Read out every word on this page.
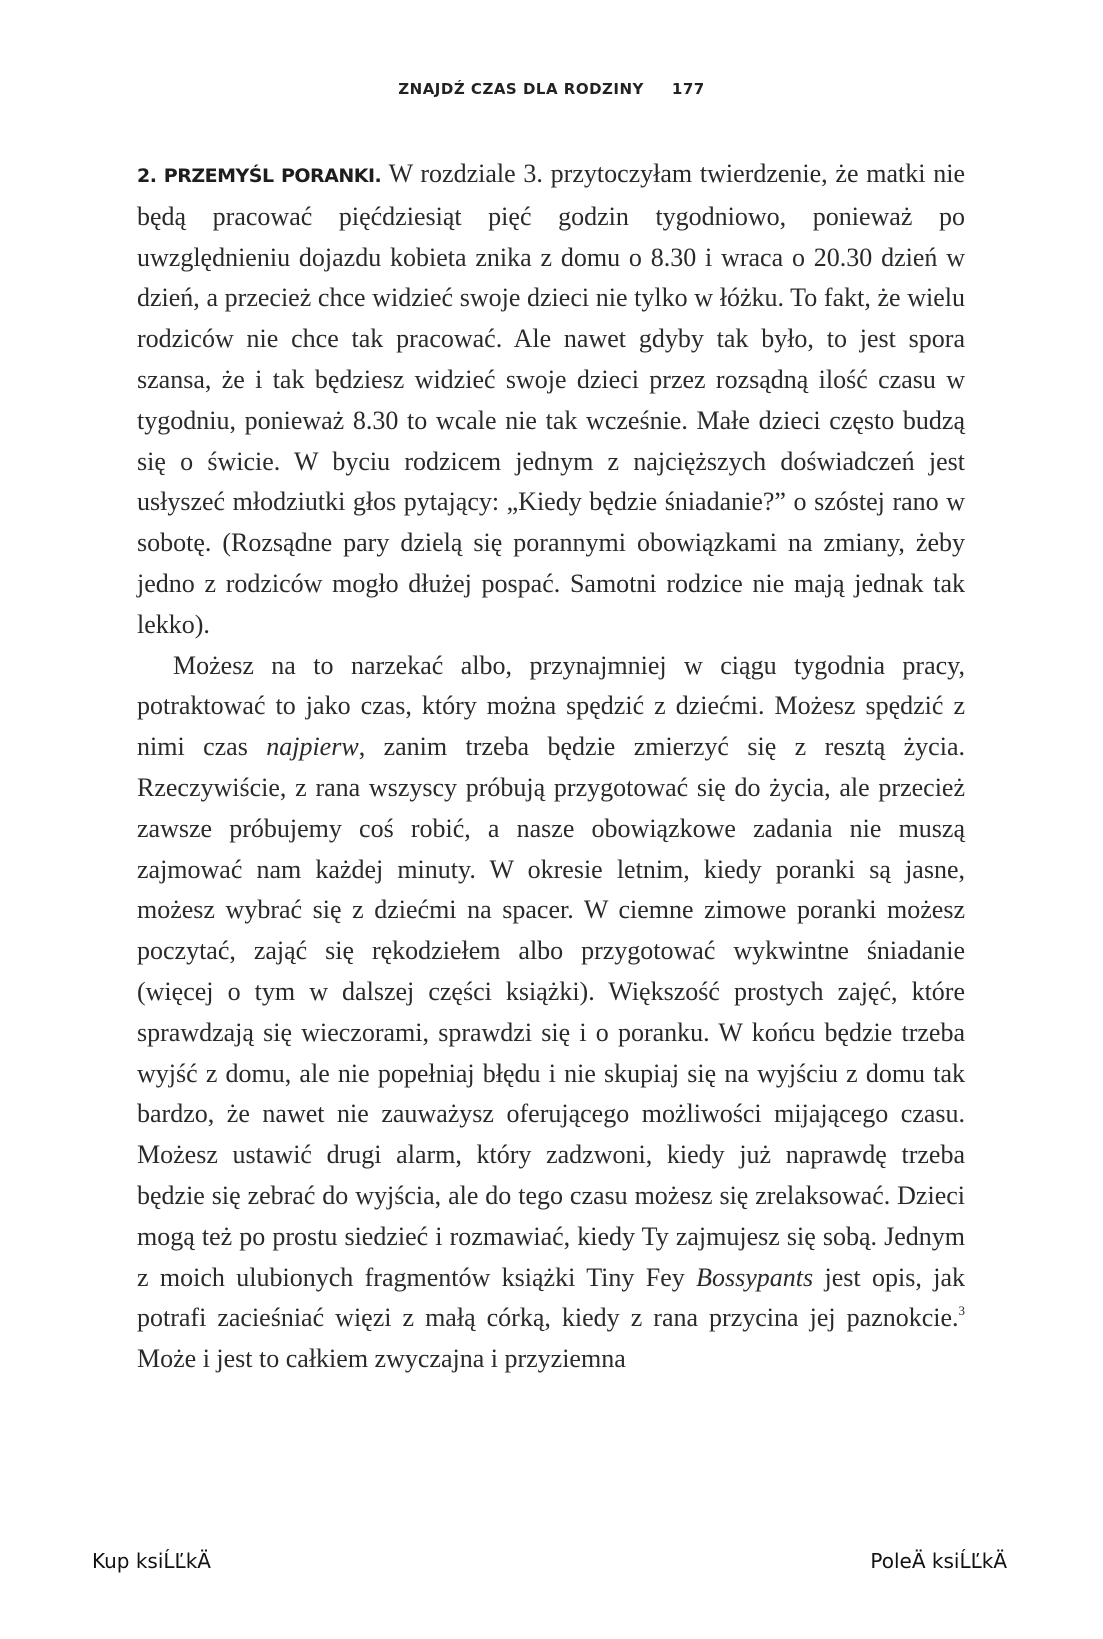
ZNAJDŹ CZAS DLA RODZINY 177

2. PRZEMYŚL PORANKI. W rozdziale 3. przytoczyłam twierdzenie, że matki nie będą pracować pięćdziesiąt pięć godzin tygodniowo, ponieważ po uwzględnieniu dojazdu kobieta znika z domu o 8.30 i wraca o 20.30 dzień w dzień, a przecież chce widzieć swoje dzieci nie tylko w łóżku. To fakt, że wielu rodziców nie chce tak pracować. Ale nawet gdyby tak było, to jest spora szansa, że i tak będziesz widzieć swoje dzieci przez rozsądną ilość czasu w tygodniu, ponieważ 8.30 to wcale nie tak wcześnie. Małe dzieci często budzą się o świcie. W byciu rodzicem jednym z najcięższych doświadczeń jest usłyszeć młodziutki głos pytający: „Kiedy będzie śniadanie?” o szóstej rano w sobotę. (Rozsądne pary dzielą się porannymi obowiązkami na zmiany, żeby jedno z rodziców mogło dłużej pospać. Samotni rodzice nie mają jednak tak lekko).

Możesz na to narzekać albo, przynajmniej w ciągu tygodnia pracy, potraktować to jako czas, który można spędzić z dziećmi. Możesz spędzić z nimi czas najpierw, zanim trzeba będzie zmierzyć się z resztą życia. Rzeczywiście, z rana wszyscy próbują przygotować się do życia, ale przecież zawsze próbujemy coś robić, a nasze obowiązkowe zadania nie muszą zajmować nam każdej minuty. W okresie letnim, kiedy poranki są jasne, możesz wybrać się z dziećmi na spacer. W ciemne zimowe poranki możesz poczytać, zająć się rękodziełem albo przygotować wykwintne śniadanie (więcej o tym w dalszej części książki). Większość prostych zajęć, które sprawdzają się wieczorami, sprawdzi się i o poranku. W końcu będzie trzeba wyjść z domu, ale nie popełniaj błędu i nie skupiaj się na wyjściu z domu tak bardzo, że nawet nie zauważysz oferującego możliwości mijającego czasu. Możesz ustawić drugi alarm, który zadzwoni, kiedy już naprawdę trzeba będzie się zebrać do wyjścia, ale do tego czasu możesz się zrelaksować. Dzieci mogą też po prostu siedzieć i rozmawiać, kiedy Ty zajmujesz się sobą. Jednym z moich ulubionych fragmentów książki Tiny Fey Bossypants jest opis, jak potrafi zacieśniać więzi z małą córką, kiedy z rana przycina jej paznokcie.$^3$ Może i jest to całkiem zwyczajna i przyziemna

Kup ksiĹĽkÄ	PoleÄ ksiĹĽkÄ
